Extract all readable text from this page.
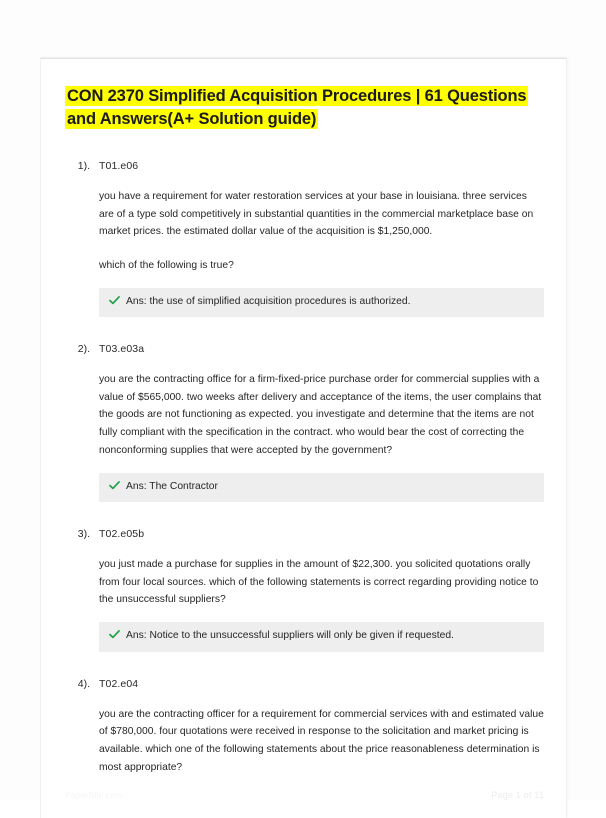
CON 2370 Simplified Acquisition Procedures | 61 Questions and Answers(A+ Solution guide)
1). T01.e06

you have a requirement for water restoration services at your base in louisiana. three services are of a type sold competitively in substantial quantities in the commercial marketplace base on market prices. the estimated dollar value of the acquisition is $1,250,000.

which of the following is true?

Ans: the use of simplified acquisition procedures is authorized.
2). T03.e03a

you are the contracting office for a firm-fixed-price purchase order for commercial supplies with a value of $565,000. two weeks after delivery and acceptance of the items, the user complains that the goods are not functioning as expected. you investigate and determine that the items are not fully compliant with the specification in the contract. who would bear the cost of correcting the nonconforming supplies that were accepted by the government?

Ans: The Contractor
3). T02.e05b

you just made a purchase for supplies in the amount of $22,300. you solicited quotations orally from four local sources. which of the following statements is correct regarding providing notice to the unsuccessful suppliers?

Ans: Notice to the unsuccessful suppliers will only be given if requested.
4). T02.e04

you are the contracting officer for a requirement for commercial services with and estimated value of $780,000. four quotations were received in response to the solicitation and market pricing is available. which one of the following statements about the price reasonableness determination is most appropriate?

PaperSlic.com	Page 1 of 11
